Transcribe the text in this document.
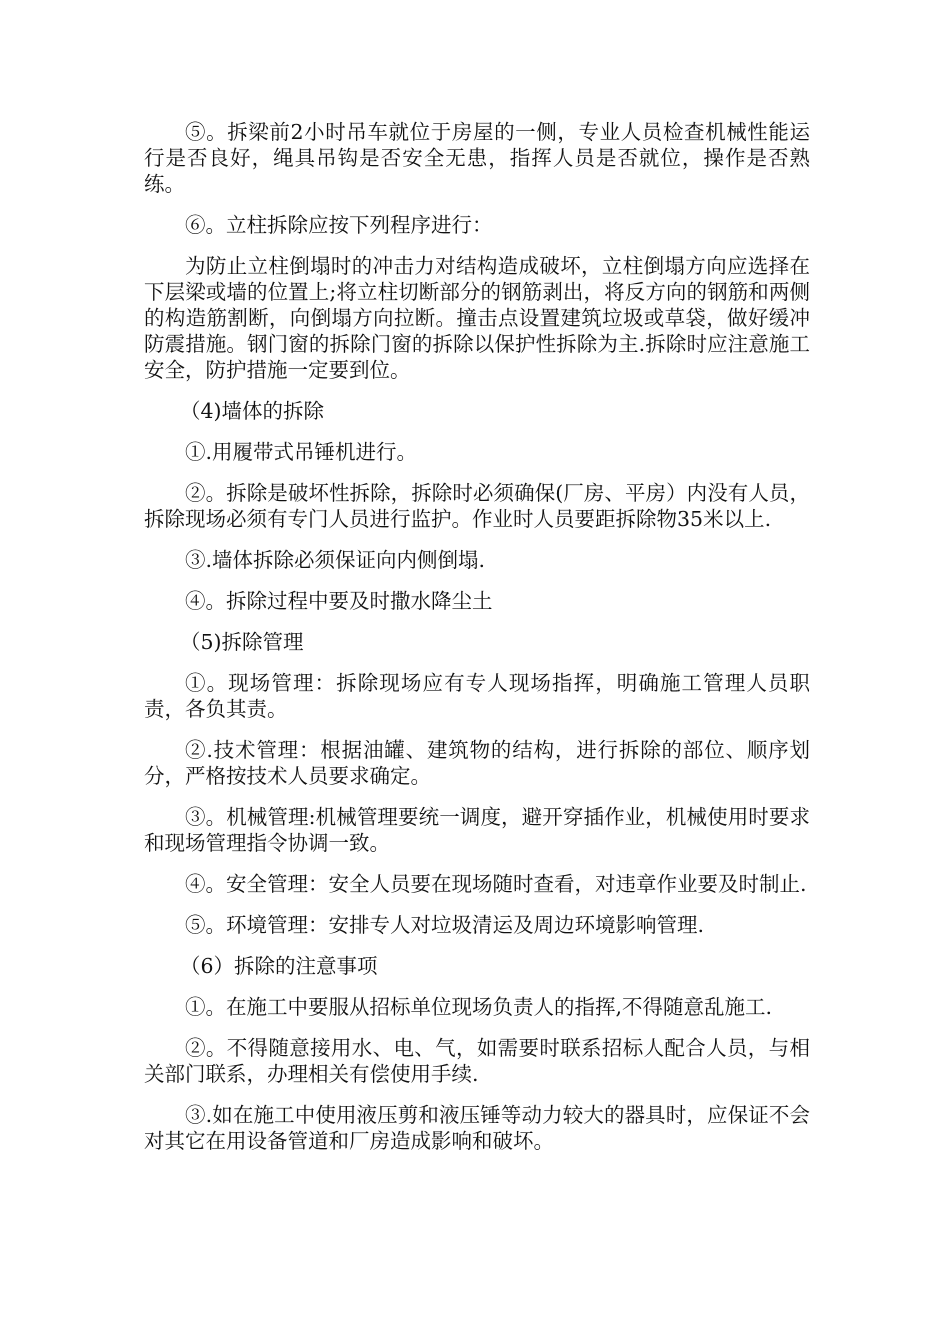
⑤。拆梁前2小时吊车就位于房屋的一侧，专业人员检查机械性能运行是否良好，绳具吊钩是否安全无患，指挥人员是否就位，操作是否熟练。

⑥。立柱拆除应按下列程序进行：

为防止立柱倒塌时的冲击力对结构造成破坏，立柱倒塌方向应选择在下层梁或墙的位置上;将立柱切断部分的钢筋剥出，将反方向的钢筋和两侧的构造筋割断，向倒塌方向拉断。撞击点设置建筑垃圾或草袋，做好缓冲防震措施。钢门窗的拆除门窗的拆除以保护性拆除为主.拆除时应注意施工安全，防护措施一定要到位。

（4)墙体的拆除

①.用履带式吊锤机进行。

②。拆除是破坏性拆除，拆除时必须确保(厂房、平房）内没有人员，拆除现场必须有专门人员进行监护。作业时人员要距拆除物35米以上.

③.墙体拆除必须保证向内侧倒塌.

④。拆除过程中要及时撒水降尘土

（5)拆除管理

①。现场管理：拆除现场应有专人现场指挥，明确施工管理人员职责，各负其责。

②.技术管理：根据油罐、建筑物的结构，进行拆除的部位、顺序划分，严格按技术人员要求确定。

③。机械管理:机械管理要统一调度，避开穿插作业，机械使用时要求和现场管理指令协调一致。

④。安全管理：安全人员要在现场随时查看，对违章作业要及时制止.

⑤。环境管理：安排专人对垃圾清运及周边环境影响管理.

（6）拆除的注意事项

①。在施工中要服从招标单位现场负责人的指挥,不得随意乱施工.

②。不得随意接用水、电、气，如需要时联系招标人配合人员，与相关部门联系，办理相关有偿使用手续.

③.如在施工中使用液压剪和液压锤等动力较大的器具时，应保证不会对其它在用设备管道和厂房造成影响和破坏。
